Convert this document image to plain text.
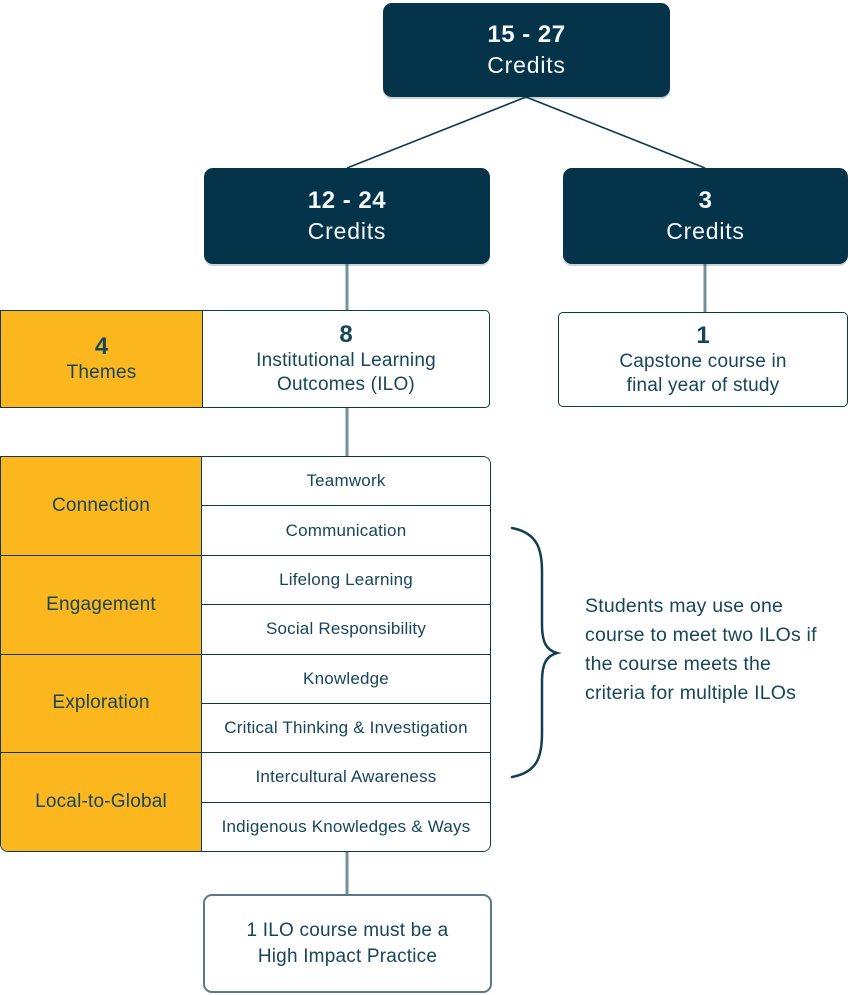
15 - 27
Credits
12 - 24
Credits
3
Credits
4
Themes
8
Institutional Learning Outcomes (ILO)
1
Capstone course in final year of study
Connection
Engagement
Exploration
Local-to-Global
Teamwork
Communication
Lifelong Learning
Social Responsibility
Knowledge
Critical Thinking & Investigation
Intercultural Awareness
Indigenous Knowledges & Ways
Students may use one
course to meet two ILOs if
the course meets the
criteria for multiple ILOs
1 ILO course must be a High Impact Practice
